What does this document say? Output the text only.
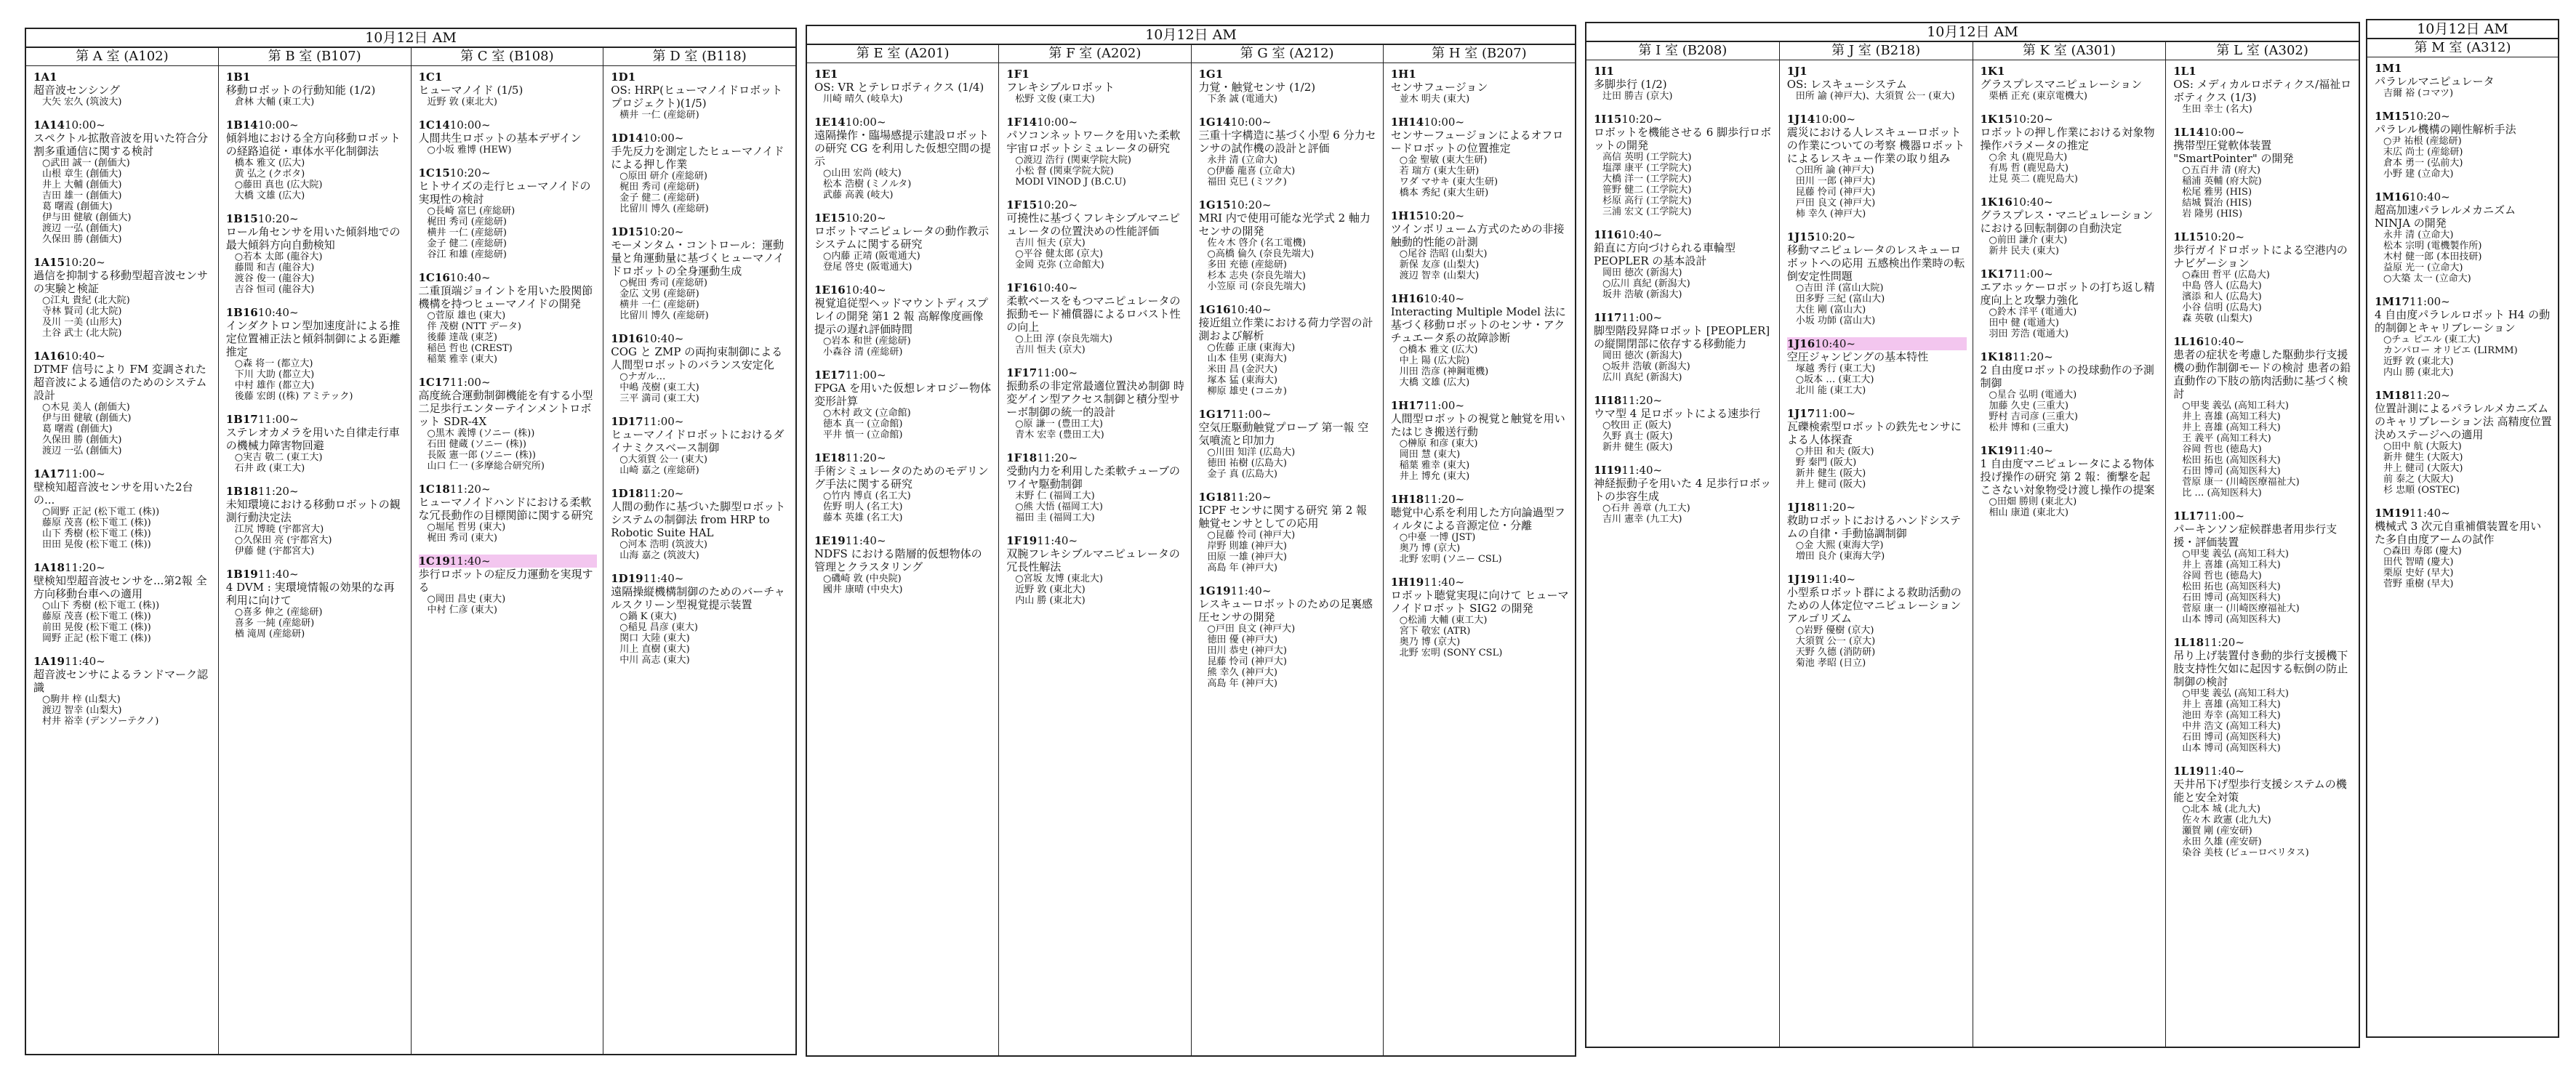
10月12日 AM
第 A 室 (A102)
1A1
超音波センシング
大矢 宏久 (筑波大)
1A1410:00~
スペクトル拡散音波を用いた符合分割多重通信に関する検討
○武田 誠一 (創価大)
山根 章生 (創価大)
井上 大輔 (創価大)
吉田 雄一 (創価大)
葛 曙霞 (創価大)
伊与田 健敏 (創価大)
渡辺 一弘 (創価大)
久保田 勝 (創価大)
1A1510:20~
過信を抑制する移動型超音波センサの実験と検証
○江丸 貴紀 (北大院)
寺林 賢司 (北大院)
及川 一美 (山形大)
土谷 武士 (北大院)
1A1610:40~
DTMF 信号により FM 変調された超音波による通信のためのシステム設計
○木見 美人 (創価大)
伊与田 健敏 (創価大)
葛 曙霞 (創価大)
久保田 勝 (創価大)
渡辺 一弘 (創価大)
1A1711:00~
壁検知超音波センサを用いた2台の...
○岡野 正記 (松下電工 (株))
藤原 茂喜 (松下電工 (株))
山下 秀樹 (松下電工 (株))
田田 晃俊 (松下電工 (株))
1A1811:20~
壁検知型超音波センサを...第2報 全方向移動台車への適用
○山下 秀樹 (松下電工 (株))
藤原 茂喜 (松下電工 (株))
前田 晃俊 (松下電工 (株))
岡野 正記 (松下電工 (株))
1A1911:40~
超音波センサによるランドマーク認識
○駒井 梓 (山梨大)
渡辺 智幸 (山梨大)
村井 裕幸 (デンソーテクノ)
第 B 室 (B107)
1B1
移動ロボットの行動知能 (1/2)
倉林 大輔 (東工大)
1B1410:00~
傾斜地における全方向移動ロボットの経路追従・車体水平化制御法
橋本 雅文 (広大)
黄 弘之 (クボタ)
○藤田 真也 (広大院)
大橋 文雄 (広大)
1B1510:20~
ロール角センサを用いた傾斜地での最大傾斜方向自動検知
○若本 太郎 (龍谷大)
藤間 和吉 (龍谷大)
渡谷 俊一 (龍谷大)
吉谷 恒司 (龍谷大)
1B1610:40~
インダクトロン型加速度計による推定位置補正法と傾斜制御による距離推定
○森 将一 (都立大)
下川 大助 (都立大)
中村 雄作 (都立大)
後藤 宏朗 ((株) アミテック)
1B1711:00~
ステレオカメラを用いた自律走行車の機械力障害物回避
○実吉 敬二 (東工大)
石井 政 (東工大)
1B1811:20~
未知環境における移動ロボットの観測行動決定法
江尻 博暁 (宇都宮大)
○久保田 亮 (宇都宮大)
伊藤 健 (宇都宮大)
1B1911:40~
4 DVM : 実環境情報の効果的な再利用に向けて
○喜多 伸之 (産総研)
喜多 一純 (産総研)
楢 滝周 (産総研)
第 C 室 (B108)
1C1
ヒューマノイド (1/5)
近野 敦 (東北大)
1C1410:00~
人間共生ロボットの基本デザイン
○小坂 雅博 (HEW)
1C1510:20~
ヒトサイズの走行ヒューマノイドの実現性の検討
○長崎 富巳 (産総研)
梶田 秀司 (産総研)
横井 一仁 (産総研)
金子 健二 (産総研)
谷江 和雄 (産総研)
1C1610:40~
二重頂端ジョイントを用いた股関節機構を持つヒューマノイドの開発
○菅原 雄也 (東大)
伴 茂樹 (NTT データ)
後藤 達哉 (東芝)
稲邑 哲也 (CREST)
稲葉 雅幸 (東大)
1C1711:00~
高度統合運動制御機能を有する小型二足歩行エンターテインメントロボット SDR-4X
○黒木 義博 (ソニー (株))
石田 健蔵 (ソニー (株))
長阪 憲一郎 (ソニー (株))
山口 仁一 (多摩総合研究所)
1C1811:20~
ヒューマノイドハンドにおける柔軟な冗長動作の目標関節に関する研究
○堀尾 哲男 (東大)
梶田 秀司 (東大)
1C1911:40~
歩行ロボットの症反力運動を実現する
○岡田 昌史 (東大)
中村 仁彦 (東大)
第 D 室 (B118)
1D1
OS: HRP(ヒューマノイドロボットプロジェクト)(1/5)
横井 一仁 (産総研)
1D1410:00~
手先反力を測定したヒューマノイドによる押し作業
○原田 研介 (産総研)
梶田 秀司 (産総研)
金子 健二 (産総研)
比留川 博久 (産総研)
1D1510:20~
モーメンタム・コントロール：運動量と角運動量に基づくヒューマノイドロボットの全身運動生成
○梶田 秀司 (産総研)
金広 文男 (産総研)
横井 一仁 (産総研)
比留川 博久 (産総研)
1D1610:40~
COG と ZMP の両拘束制御による人間型ロボットのバランス安定化
○ナガル…
中嶋 茂樹 (東工大)
三平 満司 (東工大)
1D1711:00~
ヒューマノイドロボットにおけるダイナミクスベース制御
○大須賀 公一 (東大)
山崎 嘉之 (産総研)
1D1811:20~
人間の動作に基づいた脚型ロボットシステムの制御法 from HRP to Robotic Suite HAL
○河本 浩明 (筑波大)
山海 嘉之 (筑波大)
1D1911:40~
遠隔操縦機構制御のためのバーチャルスクリーン型視覚提示装置
○鍋 K (東大)
○稲見 昌彦 (東大)
関口 大陸 (東大)
川上 直樹 (東大)
中川 高志 (東大)
10月12日 AM
第 E 室 (A201)
1E1
OS: VR とテレロボティクス (1/4)
川崎 晴久 (岐阜大)
1E1410:00~
遠隔操作・臨場感提示建設ロボットの研究 CG を利用した仮想空間の提示
○山田 宏尚 (岐大)
松本 浩樹 (ミノルタ)
武藤 高義 (岐大)
1E1510:20~
ロボットマニピュレータの動作教示システムに関する研究
○内藤 正靖 (阪電通大)
登尾 啓史 (阪電通大)
1E1610:40~
視覚追従型ヘッドマウントディスプレイの開発 第1 2 報 高解像度画像提示の遅れ評価時間
○岩本 和世 (産総研)
小森谷 清 (産総研)
1E1711:00~
FPGA を用いた仮想レオロジー物体変形計算
○木村 政文 (立命館)
徳本 真一 (立命館)
平井 慎一 (立命館)
1E1811:20~
手術シミュレータのためのモデリング手法に関する研究
○竹内 博貞 (名工大)
佐野 明人 (名工大)
藤本 英雄 (名工大)
1E1911:40~
NDFS における階層的仮想物体の管理とクラスタリング
○磯崎 敦 (中央院)
國井 康晴 (中央大)
第 F 室 (A202)
1F1
フレキシブルロボット
松野 文俊 (東工大)
1F1410:00~
パソコンネットワークを用いた柔軟宇宙ロボットシミュレータの研究
○渡辺 浩行 (関東学院大院)
小松 督 (関東学院大院)
MODI VINOD J (B.C.U)
1F1510:20~
可撓性に基づくフレキシブルマニピュレータの位置決めの性能評価
吉川 恒夫 (京大)
○平谷 健太郎 (京大)
金岡 克弥 (立命館大)
1F1610:40~
柔軟ベースをもつマニピュレータの振動モード補償器によるロバスト性の向上
○上田 淳 (奈良先端大)
吉川 恒夫 (京大)
1F1711:00~
振動系の非定常最適位置決め制御 時変ゲイン型アクセス制御と積分型サーボ制御の統一的設計
○原 謙一 (豊田工大)
青木 宏幸 (豊田工大)
1F1811:20~
受動内力を利用した柔軟チューブのワイヤ駆動制御
末野 仁 (福岡工大)
○熊 大悟 (福岡工大)
福田 圭 (福岡工大)
1F1911:40~
双腕フレキシブルマニピュレータの冗長性解法
○宮坂 友博 (東北大)
近野 敦 (東北大)
内山 勝 (東北大)
第 G 室 (A212)
1G1
力覚・触覚センサ (1/2)
下条 誠 (電通大)
1G1410:00~
三重十字構造に基づく小型 6 分力センサの試作機の設計と評価
永井 清 (立命大)
○伊藤 龍喜 (立命大)
福田 克巳 (ミツク)
1G1510:20~
MRI 内で使用可能な光学式 2 軸力センサの開発
佐々木 啓介 (名工電機)
○高橋 倫久 (奈良先端大)
多田 充徳 (産総研)
杉本 志央 (奈良先端大)
小笠原 司 (奈良先端大)
1G1610:40~
接近組立作業における荷力学習の計測および解析
○佐藤 正康 (東海大)
山本 佳男 (東海大)
米田 昌 (金沢大)
塚本 猛 (東海大)
柳原 雄史 (コニカ)
1G1711:00~
空気圧駆動触覚プローブ 第一報 空気噴流と印加力
○川田 知洋 (広島大)
徳田 祐樹 (広島大)
金子 真 (広島大)
1G1811:20~
ICPF センサに関する研究 第 2 報 触覚センサとしての応用
○昆藤 怜司 (神戸大)
岸野 則雄 (神戸大)
田原 一雄 (神戸大)
高島 年 (神戸大)
1G1911:40~
レスキューロボットのための足裏感圧センサの開発
○戸田 良文 (神戸大)
徳田 優 (神戸大)
田川 恭史 (神戸大)
昆藤 怜司 (神戸大)
熊 幸久 (神戸大)
高島 年 (神戸大)
第 H 室 (B207)
1H1
センサフュージョン
並木 明夫 (東大)
1H1410:00~
センサーフュージョンによるオフロードロボットの位置推定
○金 聖敏 (東大生研)
若 瑞方 (東大生研)
ワダ マサキ (東大生研)
橋本 秀紀 (東大生研)
1H1510:20~
ツインボリューム方式のための非接触動的性能の計測
○尾谷 浩昭 (山梨大)
新保 友彦 (山梨大)
渡辺 智幸 (山梨大)
1H1610:40~
Interacting Multiple Model 法に基づく移動ロボットのセンサ・アクチュエータ系の故障診断
○橋本 雅文 (広大)
中上 陽 (広大院)
川田 浩彦 (神鋼電機)
大橋 文雄 (広大)
1H1711:00~
人間型ロボットの視覚と触覚を用いたはじき搬送行動
○榊原 和彦 (東大)
岡田 慧 (東大)
稲葉 雅幸 (東大)
井上 博允 (東大)
1H1811:20~
聴覚中心系を利用した方向論過型フィルタによる音源定位・分離
○中臺 一博 (JST)
奥乃 博 (京大)
北野 宏明 (ソニー CSL)
1H1911:40~
ロボット聴覚実現に向けて ヒューマノイドロボット SIG2 の開発
○松浦 大輔 (東工大)
宮下 敬宏 (ATR)
奥乃 博 (京大)
北野 宏明 (SONY CSL)
10月12日 AM
第 I 室 (B208)
1I1
多脚歩行 (1/2)
辻田 勝吉 (京大)
1I1510:20~
ロボットを機能させる 6 脚歩行ロボットの開発
高信 英明 (工学院大)
塩澤 康平 (工学院大)
大橋 洋一 (工学院大)
笹野 健二 (工学院大)
杉原 高行 (工学院大)
三浦 宏文 (工学院大)
1I1610:40~
鉛直に方向づけられる車輪型 PEOPLER の基本設計
岡田 徳次 (新潟大)
○広川 真紀 (新潟大)
坂井 浩敏 (新潟大)
1I1711:00~
脚型階段昇降ロボット [PEOPLER] の縦開閉部に依存する移動能力
岡田 徳次 (新潟大)
○坂井 浩敏 (新潟大)
広川 真紀 (新潟大)
1I1811:20~
ウマ型 4 足ロボットによる速歩行
○牧田 正 (阪大)
久野 真士 (阪大)
新井 健生 (阪大)
1I1911:40~
神経振動子を用いた 4 足歩行ロボットの歩容生成
○石井 善章 (九工大)
吉川 憲幸 (九工大)
第 J 室 (B218)
1J1
OS: レスキューシステム
田所 諭 (神戸大)、大須賀 公一 (東大)
1J1410:00~
震災における人レスキューロボットの作業についての考察 機器ロボットによるレスキュー作業の取り組み
○田所 論 (神戸大)
田川 一郎 (神戸大)
昆藤 怜司 (神戸大)
戸田 良文 (神戸大)
柿 幸久 (神戸大)
1J1510:20~
移動マニピュレータのレスキューロボットへの応用 五感検出作業時の転倒安定性問題
○吉田 洋 (富山大院)
田多野 三紀 (富山大)
大住 剛 (富山大)
小坂 功師 (富山大)
1J1610:40~
空圧ジャンピングの基本特性
塚越 秀行 (東工大)
○坂本 … (東工大)
北川 能 (東工大)
1J1711:00~
瓦礫検索型ロボットの鉄先センサによる人体探査
○井田 和夫 (阪大)
野 秦門 (阪大)
新井 健生 (阪大)
井上 健司 (阪大)
1J1811:20~
救助ロボットにおけるハンドシステムの自律・手動協調制御
○金 大熙 (東海大学)
増田 良介 (東海大学)
1J1911:40~
小型系ロボット群による救助活動のための人体定位マニピュレーションアルゴリズム
○岩野 優樹 (京大)
大須賀 公一 (京大)
天野 久德 (消防研)
菊池 孝昭 (日立)
第 K 室 (A301)
1K1
グラスプレスマニピュレーション
栗栖 正充 (東京電機大)
1K1510:20~
ロボットの押し作業における対象物操作パラメータの推定
○余 丸 (鹿児島大)
有馬 哲 (鹿児島大)
辻見 英二 (鹿児島大)
1K1610:40~
グラスプレス・マニピュレーションにおける回転制御の自動決定
○前田 謙介 (東大)
新井 民夫 (東大)
1K1711:00~
エアホッケーロボットの打ち返し精度向上と攻撃力強化
○鈴木 洋平 (電通大)
田中 健 (電通大)
羽田 芳浩 (電通大)
1K1811:20~
2 自由度ロボットの投球動作の予測制御
○星合 弘明 (電通大)
加藤 久史 (三重大)
野村 吉司彦 (三重大)
松井 博和 (三重大)
1K1911:40~
1 自由度マニピュレータによる物体投げ操作の研究 第 2 報：衝撃を起こさない対象物受け渡し操作の提案
○田畑 勝則 (東北大)
相山 康道 (東北大)
第 L 室 (A302)
1L1
OS: メディカルロボティクス/福祉ロボティクス (1/3)
生田 幸士 (名大)
1L1410:00~
携帯型圧覚軟体装置 "SmartPointer" の開発
○五百井 清 (府大)
稲浦 英輔 (府大院)
松尾 雅男 (HIS)
結城 賢治 (HIS)
岩 隆男 (HIS)
1L1510:20~
歩行ガイドロボットによる空港内のナビゲーション
○森田 哲平 (広島大)
中島 啓人 (広島大)
濱添 和人 (広島大)
小谷 信明 (広島大)
森 英敬 (山梨大)
1L1610:40~
患者の症状を考慮した駆動歩行支援機の動作制御モードの検討 患者の鉛直動作の下肢の筋肉活動に基づく検討
○甲斐 義弘 (高知工科大)
井上 喜雄 (高知工科大)
井上 喜雄 (高知工科大)
王 義平 (高知工科大)
谷岡 哲也 (徳島大)
松田 拓也 (高知医科大)
石田 博司 (高知医科大)
菅原 康一 (川崎医療福祉大)
比 … (高知医科大)
1L1711:00~
パーキンソン症候群患者用歩行支援・評価装置
○甲斐 義弘 (高知工科大)
井上 喜雄 (高知工科大)
谷岡 哲也 (徳島大)
松田 拓也 (高知医科大)
石田 博司 (高知医科大)
菅原 康一 (川崎医療福祉大)
山本 博司 (高知医科大)
1L1811:20~
吊り上げ装置付き動的歩行支援機下肢支持性欠如に起因する転倒の防止制御の検討
○甲斐 義弘 (高知工科大)
井上 喜雄 (高知工科大)
池田 寿幸 (高知工科大)
中井 浩文 (高知工科大)
石田 博司 (高知医科大)
山本 博司 (高知医科大)
1L1911:40~
天井吊下げ型歩行支援システムの機能と安全対策
○北本 城 (北九大)
佐々木 政憲 (北九大)
瀬賀 剛 (産安研)
永田 久雄 (産安研)
染谷 美枝 (ビューロベリタス)
10月12日 AM
第 M 室 (A312)
1M1
パラレルマニピュレータ
吉爾 裕 (コマツ)
1M1510:20~
パラレル機構の剛性解析手法
○尹 祐根 (産総研)
末広 尚士 (産総研)
倉本 勇一 (弘前大)
小野 建 (立命大)
1M1610:40~
超高加速パラレルメカニズム NINJA の開発
永井 清 (立命大)
松本 宗明 (電機製作所)
木村 健一郎 (本田技研)
益原 光一 (立命大)
○大築 太一 (立命大)
1M1711:00~
4 自由度パラレルロボット H4 の動的制御とキャリブレーション
○チュ ピエル (東工大)
カンパロー オリビエ (LIRMM)
近野 敦 (東北大)
内山 勝 (東北大)
1M1811:20~
位置計測によるパラレルメカニズムのキャリブレーション法 高精度位置決めステージへの適用
○田中 航 (大阪大)
新井 健生 (大阪大)
井上 健司 (大阪大)
前 泰之 (大阪大)
杉 忠順 (OSTEC)
1M1911:40~
機械式 3 次元自重補償装置を用いた多自由度アームの試作
○森田 寿郎 (慶大)
田代 智晴 (慶大)
栗原 史好 (早大)
菅野 重樹 (早大)
